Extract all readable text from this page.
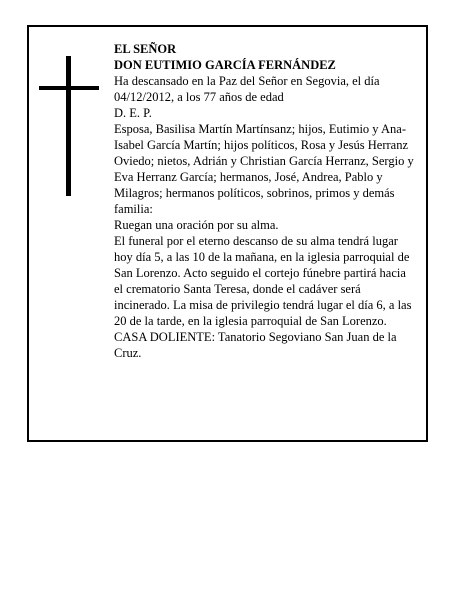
EL SEÑOR

DON EUTIMIO GARCÍA FERNÁNDEZ

Ha descansado en la Paz del Señor en Segovia, el día 04/12/2012, a los 77 años de edad

D. E. P.

Esposa, Basilisa Martín Martínsanz; hijos, Eutimio y Ana-Isabel García Martín; hijos políticos, Rosa y Jesús Herranz Oviedo; nietos, Adrián y Christian García Herranz, Sergio y Eva Herranz García; hermanos, José, Andrea, Pablo y Milagros; hermanos políticos, sobrinos, primos y demás familia:

Ruegan una oración por su alma.

El funeral por el eterno descanso de su alma tendrá lugar hoy día 5, a las 10 de la mañana, en la iglesia parroquial de San Lorenzo. Acto seguido el cortejo fúnebre partirá hacia el crematorio Santa Teresa, donde el cadáver será incinerado. La misa de privilegio tendrá lugar el día 6, a las 20 de la tarde, en la iglesia parroquial de San Lorenzo.

CASA DOLIENTE: Tanatorio Segoviano San Juan de la Cruz.
